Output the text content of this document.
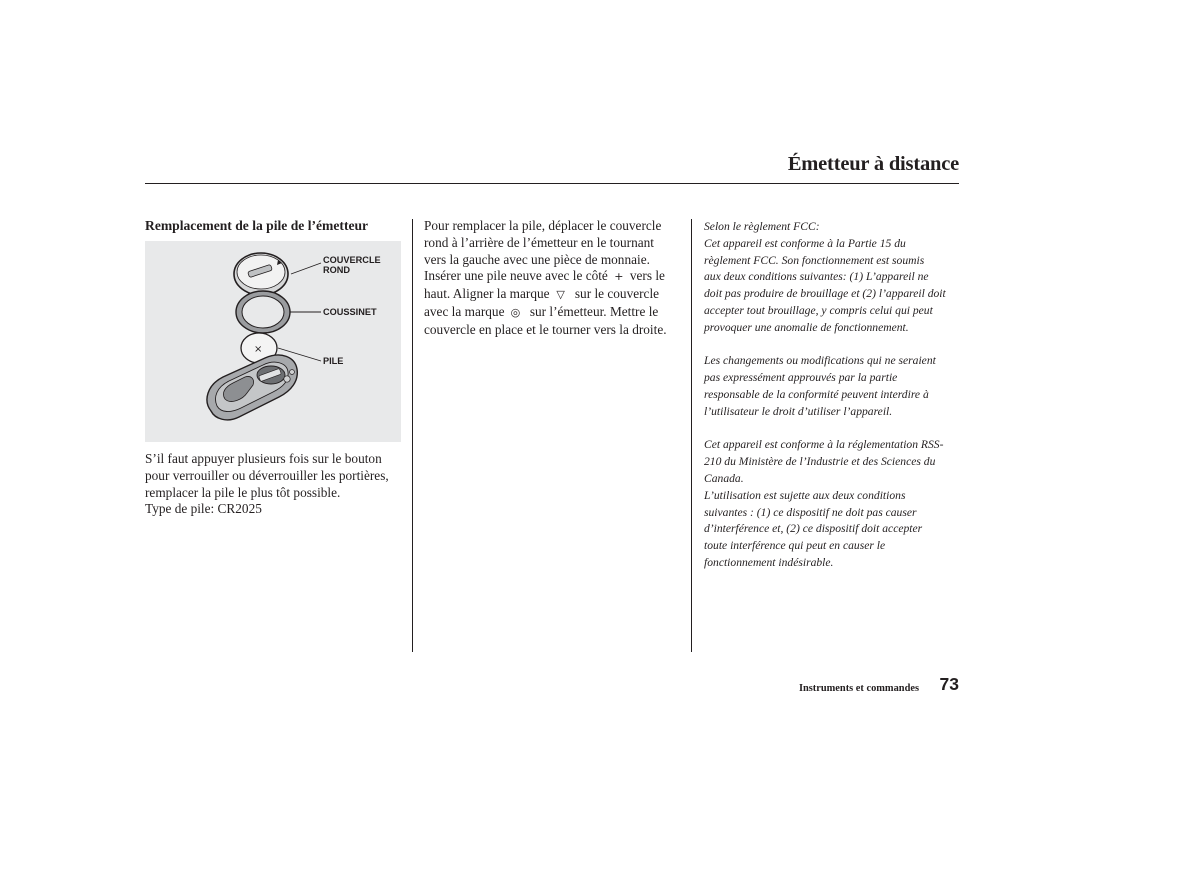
Émetteur à distance
Remplacement de la pile de l’émetteur
×
COUVERCLE
ROND
COUSSINET
PILE

S’il faut appuyer plusieurs fois sur le bouton

pour verrouiller ou déverrouiller les portières,

remplacer la pile le plus tôt possible.

Type de pile: CR2025

Pour remplacer la pile, déplacer le couvercle

rond à l’arrière de l’émetteur en le tournant

vers la gauche avec une pièce de monnaie.

Insérer une pile neuve avec le côté + vers le

haut. Aligner la marque ▽ sur le couvercle

avec la marque ◎ sur l’émetteur. Mettre le

couvercle en place et le tourner vers la droite.

Selon le règlement FCC:
Cet appareil est conforme à la Partie 15 du
règlement FCC. Son fonctionnement est soumis
aux deux conditions suivantes: (1) L’appareil ne
doit pas produire de brouillage et (2) l’appareil doit
accepter tout brouillage, y compris celui qui peut
provoquer une anomalie de fonctionnement.

Les changements ou modifications qui ne seraient
pas expressément approuvés par la partie
responsable de la conformité peuvent interdire à
l’utilisateur le droit d’utiliser l’appareil.

Cet appareil est conforme à la réglementation RSS-
210 du Ministère de l’Industrie et des Sciences du
Canada.
L’utilisation est sujette aux deux conditions
suivantes : (1) ce dispositif ne doit pas causer
d’interférence et, (2) ce dispositif doit accepter
toute interférence qui peut en causer le
fonctionnement indésirable.

Instruments et commandes 73
